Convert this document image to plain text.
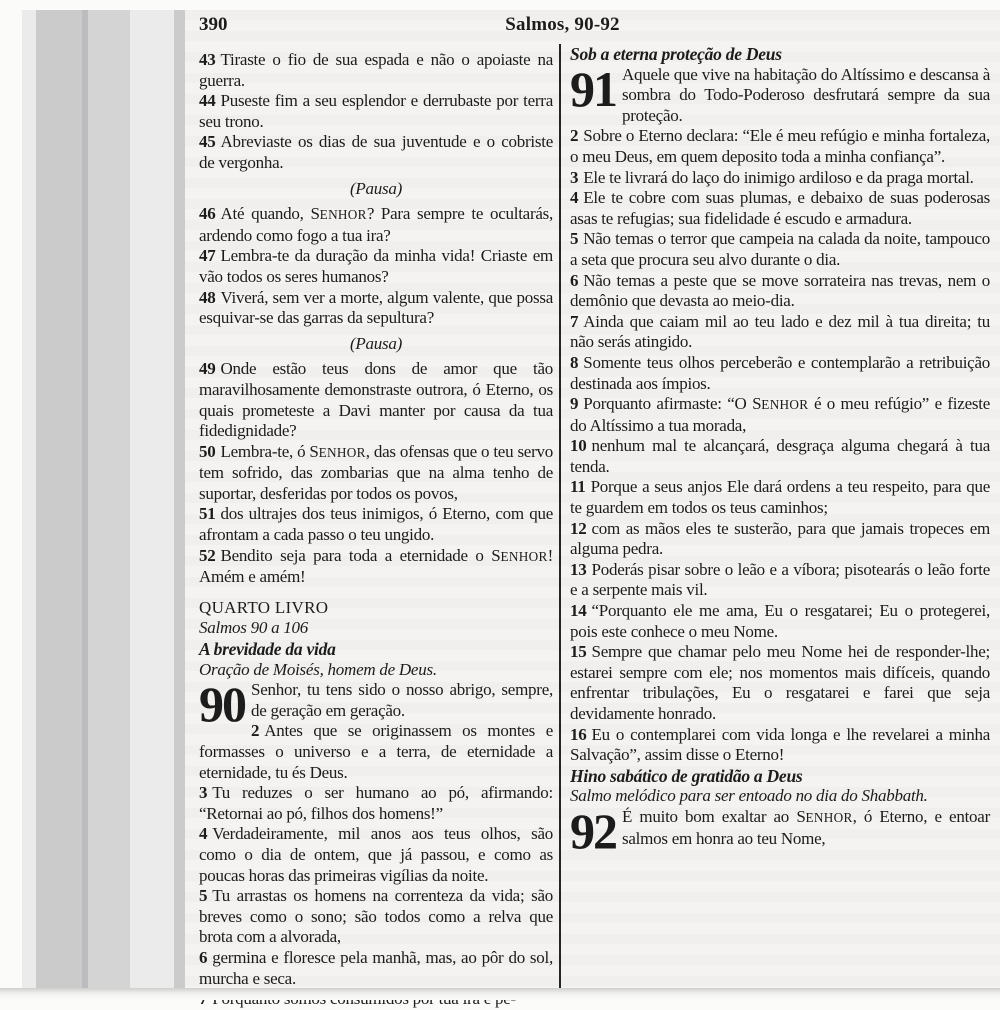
390	Salmos, 90-92

43 Tiraste o fio de sua espada e não o apoiaste na guerra.

44 Puseste fim a seu esplendor e derrubaste por terra seu trono.

45 Abreviaste os dias de sua juventude e o cobriste de vergonha.

(Pausa)

46 Até quando, SENHOR? Para sempre te ocultarás, ardendo como fogo a tua ira?

47 Lembra-te da duração da minha vida! Criaste em vão todos os seres humanos?

48 Viverá, sem ver a morte, algum valente, que possa esquivar-se das garras da sepultura?

(Pausa)

49 Onde estão teus dons de amor que tão maravilhosamente demonstraste outrora, ó Eterno, os quais prometeste a Davi manter por causa da tua fidedignidade?

50 Lembra-te, ó SENHOR, das ofensas que o teu servo tem sofrido, das zombarias que na alma tenho de suportar, desferidas por todos os povos,

51 dos ultrajes dos teus inimigos, ó Eterno, com que afrontam a cada passo o teu ungido.

52 Bendito seja para toda a eternidade o SENHOR! Amém e amém!

QUARTO LIVRO

Salmos 90 a 106

A brevidade da vida

Oração de Moisés, homem de Deus.

90 Senhor, tu tens sido o nosso abrigo, sempre, de geração em geração.

2 Antes que se originassem os montes e formasses o universo e a terra, de eternidade a eternidade, tu és Deus.

3 Tu reduzes o ser humano ao pó, afirmando: “Retornai ao pó, filhos dos homens!”

4 Verdadeiramente, mil anos aos teus olhos, são como o dia de ontem, que já passou, e como as poucas horas das primeiras vigílias da noite.

5 Tu arrastas os homens na correnteza da vida; são breves como o sono; são todos como a relva que brota com a alvorada,

6 germina e floresce pela manhã, mas, ao pôr do sol, murcha e seca.

Sob a eterna proteção de Deus

91 Aquele que vive na habitação do Altíssimo e descansa à sombra do Todo-Poderoso desfrutará sempre da sua proteção.

2 Sobre o Eterno declara: “Ele é meu refúgio e minha fortaleza, o meu Deus, em quem deposito toda a minha confiança”.

3 Ele te livrará do laço do inimigo ardiloso e da praga mortal.

4 Ele te cobre com suas plumas, e debaixo de suas poderosas asas te refugias; sua fidelidade é escudo e armadura.

5 Não temas o terror que campeia na calada da noite, tampouco a seta que procura seu alvo durante o dia.

6 Não temas a peste que se move sorrateira nas trevas, nem o demônio que devasta ao meio-dia.

7 Ainda que caiam mil ao teu lado e dez mil à tua direita; tu não serás atingido.

8 Somente teus olhos perceberão e contemplarão a retribuição destinada aos ímpios.

9 Porquanto afirmaste: “O SENHOR é o meu refúgio” e fizeste do Altíssimo a tua morada,

10 nenhum mal te alcançará, desgraça alguma chegará à tua tenda.

11 Porque a seus anjos Ele dará ordens a teu respeito, para que te guardem em todos os teus caminhos;

12 com as mãos eles te susterão, para que jamais tropeces em alguma pedra.

13 Poderás pisar sobre o leão e a víbora; pisotearás o leão forte e a serpente mais vil.

14 “Porquanto ele me ama, Eu o resgatarei; Eu o protegerei, pois este conhece o meu Nome.

15 Sempre que chamar pelo meu Nome hei de responder-lhe; estarei sempre com ele; nos momentos mais difíceis, quando enfrentar tribulações, Eu o resgatarei e farei que seja devidamente honrado.

16 Eu o contemplarei com vida longa e lhe revelarei a minha Salvação”, assim disse o Eterno!

Hino sabático de gratidão a Deus

Salmo melódico para ser entoado no dia do Shabbath.

92 É muito bom exaltar ao SENHOR, ó Eterno, e entoar salmos em honra ao teu Nome,
